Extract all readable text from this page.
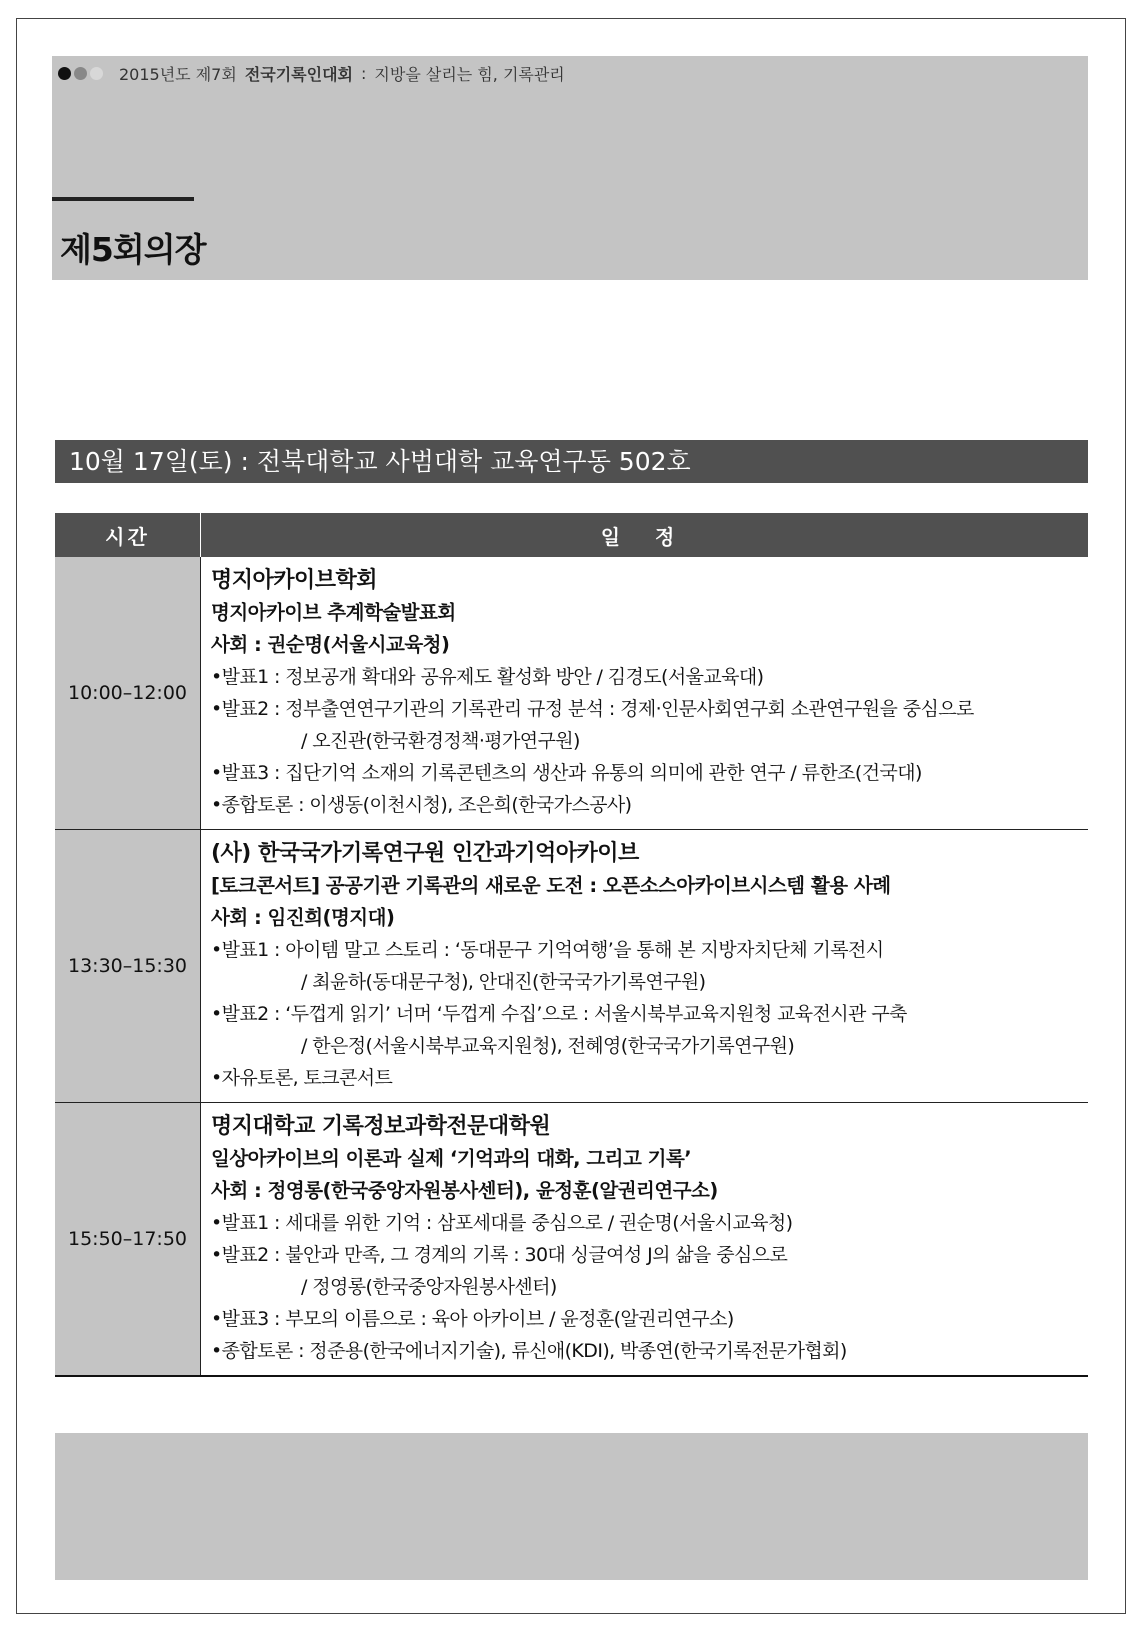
2015년도 제7회 전국기록인대회 : 지방을 살리는 힘, 기록관리
제5회의장
10월 17일(토) : 전북대학교 사범대학 교육연구동 502호
시간	일 정
10:00–12:00
명지아카이브학회
명지아카이브 추계학술발표회
사회 : 권순명(서울시교육청)
•발표1 : 정보공개 확대와 공유제도 활성화 방안 / 김경도(서울교육대)
•발표2 : 정부출연연구기관의 기록관리 규정 분석 : 경제·인문사회연구회 소관연구원을 중심으로
/ 오진관(한국환경정책·평가연구원)
•발표3 : 집단기억 소재의 기록콘텐츠의 생산과 유통의 의미에 관한 연구 / 류한조(건국대)
•종합토론 : 이생동(이천시청), 조은희(한국가스공사)
13:30–15:30
(사) 한국국가기록연구원 인간과기억아카이브
[토크콘서트] 공공기관 기록관의 새로운 도전 : 오픈소스아카이브시스템 활용 사례
사회 : 임진희(명지대)
•발표1 : 아이템 말고 스토리 : ‘동대문구 기억여행’을 통해 본 지방자치단체 기록전시
/ 최윤하(동대문구청), 안대진(한국국가기록연구원)
•발표2 : ‘두껍게 읽기’ 너머 ‘두껍게 수집’으로 : 서울시북부교육지원청 교육전시관 구축
/ 한은정(서울시북부교육지원청), 전혜영(한국국가기록연구원)
•자유토론, 토크콘서트
15:50–17:50
명지대학교 기록정보과학전문대학원
일상아카이브의 이론과 실제 ‘기억과의 대화, 그리고 기록’
사회 : 정영롱(한국중앙자원봉사센터), 윤정훈(알권리연구소)
•발표1 : 세대를 위한 기억 : 삼포세대를 중심으로 / 권순명(서울시교육청)
•발표2 : 불안과 만족, 그 경계의 기록 : 30대 싱글여성 J의 삶을 중심으로
/ 정영롱(한국중앙자원봉사센터)
•발표3 : 부모의 이름으로 : 육아 아카이브 / 윤정훈(알권리연구소)
•종합토론 : 정준용(한국에너지기술), 류신애(KDI), 박종연(한국기록전문가협회)
